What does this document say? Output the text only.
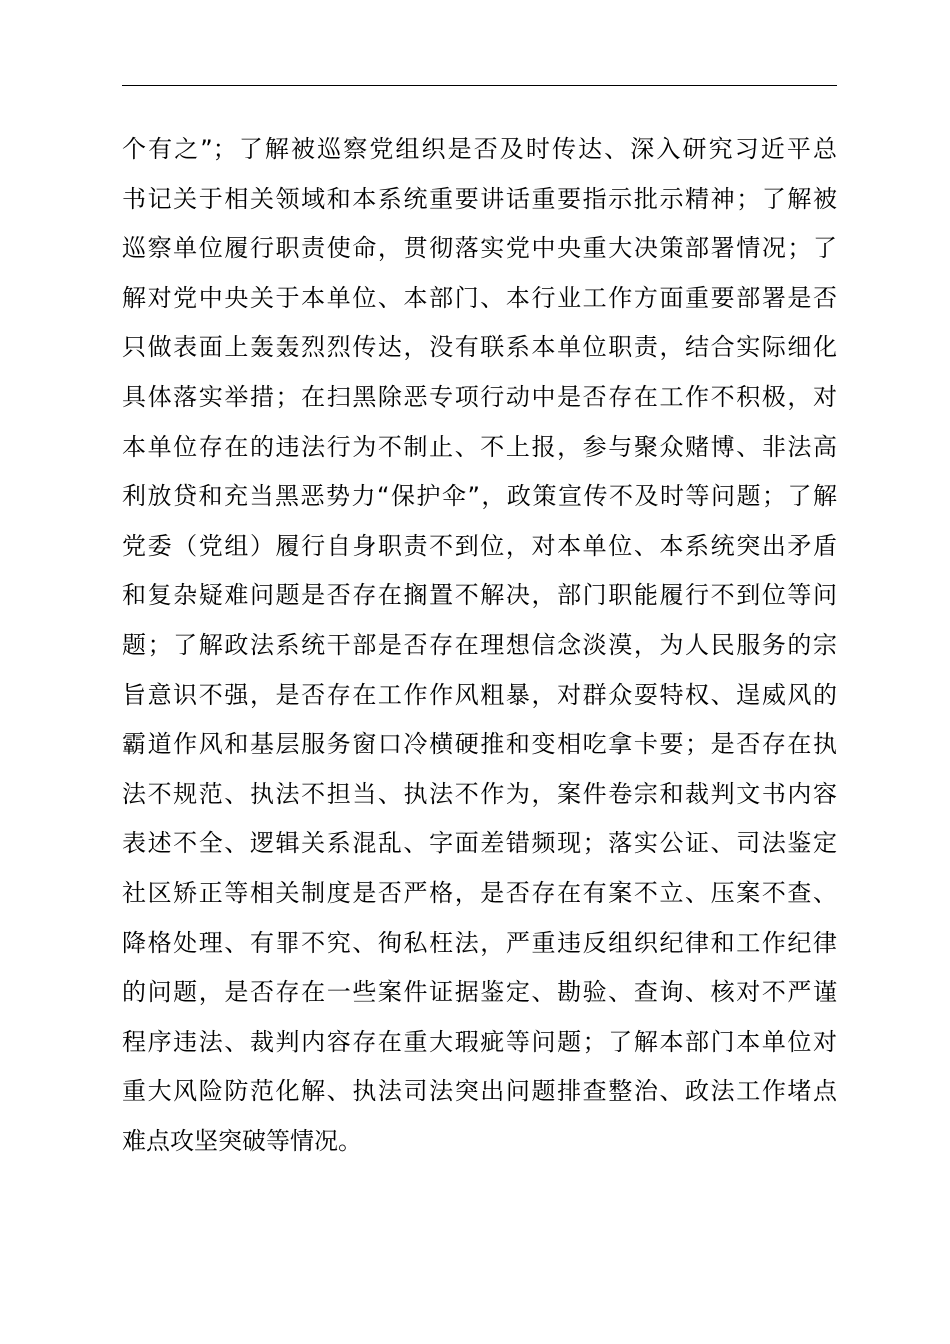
个有之”；了解被巡察党组织是否及时传达、深入研究习近平总
书记关于相关领域和本系统重要讲话重要指示批示精神；了解被
巡察单位履行职责使命，贯彻落实党中央重大决策部署情况；了
解对党中央关于本单位、本部门、本行业工作方面重要部署是否
只做表面上轰轰烈烈传达，没有联系本单位职责，结合实际细化
具体落实举措；在扫黑除恶专项行动中是否存在工作不积极，对
本单位存在的违法行为不制止、不上报，参与聚众赌博、非法高
利放贷和充当黑恶势力“保护伞”，政策宣传不及时等问题；了解
党委（党组）履行自身职责不到位，对本单位、本系统突出矛盾
和复杂疑难问题是否存在搁置不解决，部门职能履行不到位等问
题；了解政法系统干部是否存在理想信念淡漠，为人民服务的宗
旨意识不强，是否存在工作作风粗暴，对群众耍特权、逞威风的
霸道作风和基层服务窗口冷横硬推和变相吃拿卡要；是否存在执
法不规范、执法不担当、执法不作为，案件卷宗和裁判文书内容
表述不全、逻辑关系混乱、字面差错频现；落实公证、司法鉴定
社区矫正等相关制度是否严格，是否存在有案不立、压案不查、
降格处理、有罪不究、徇私枉法，严重违反组织纪律和工作纪律
的问题，是否存在一些案件证据鉴定、勘验、查询、核对不严谨
程序违法、裁判内容存在重大瑕疵等问题；了解本部门本单位对
重大风险防范化解、执法司法突出问题排查整治、政法工作堵点
难点攻坚突破等情况。
